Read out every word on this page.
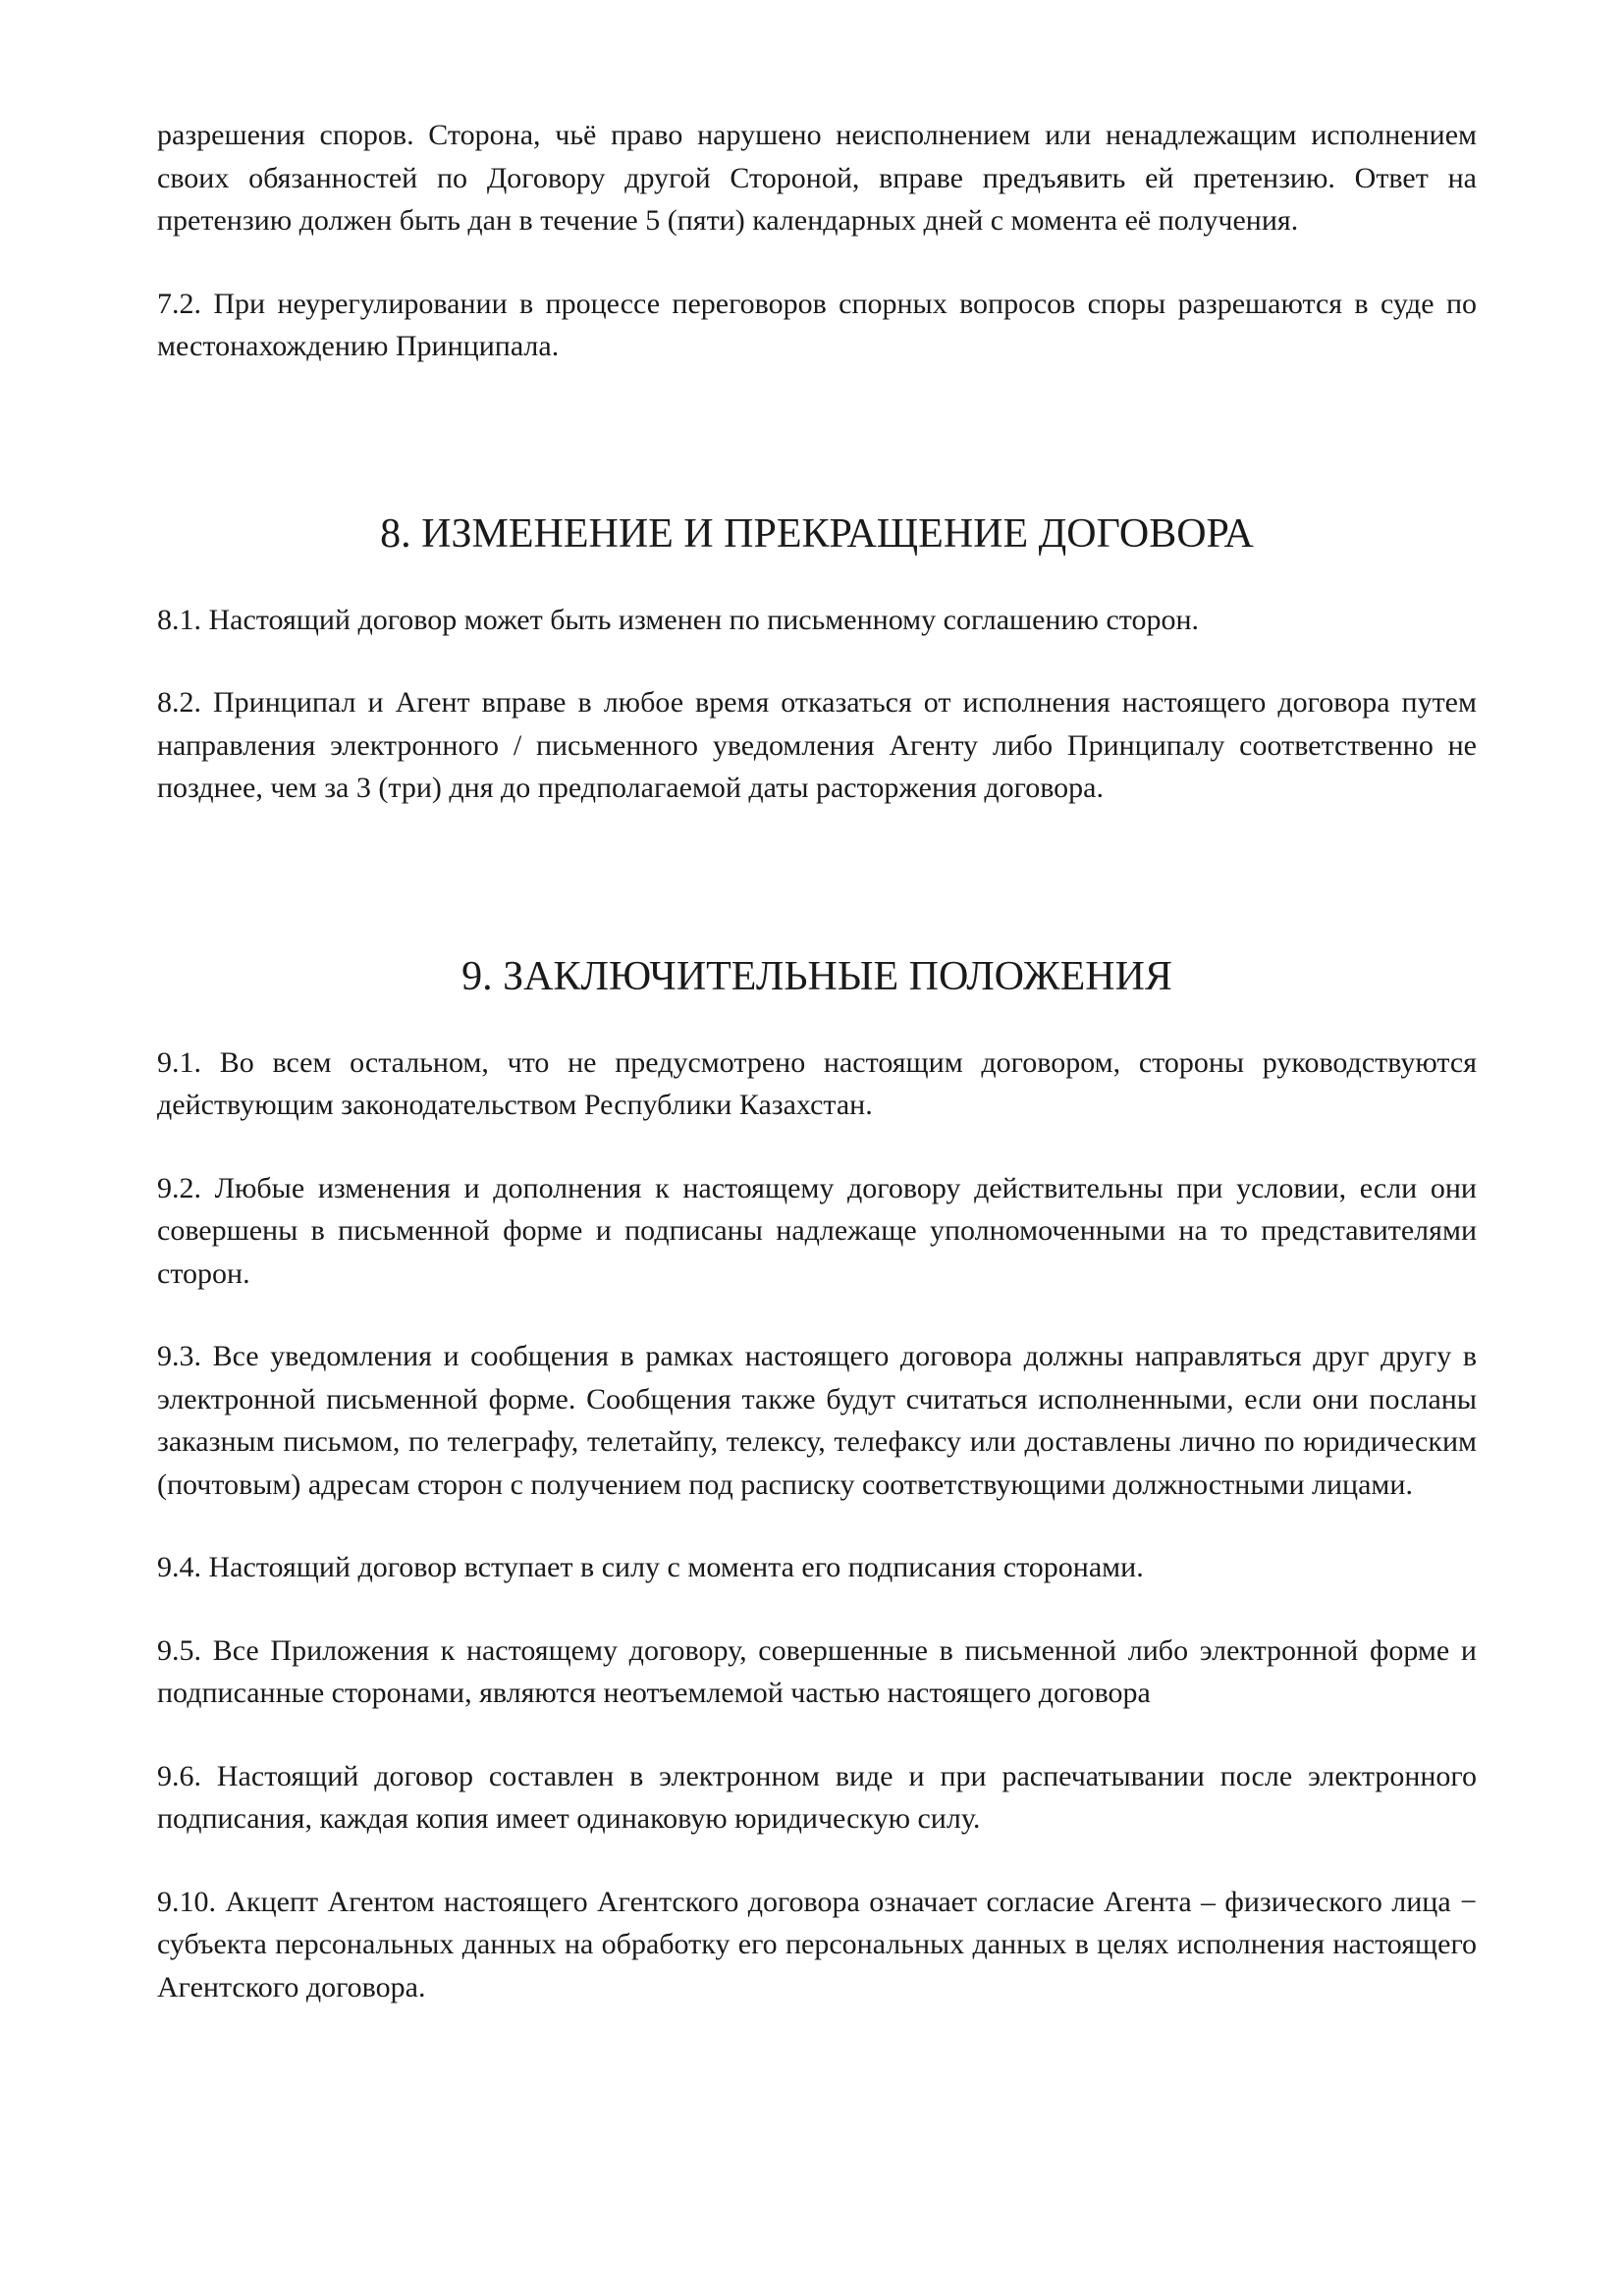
разрешения споров. Сторона, чьё право нарушено неисполнением или ненадлежащим исполнением своих обязанностей по Договору другой Стороной, вправе предъявить ей претензию. Ответ на претензию должен быть дан в течение 5 (пяти) календарных дней с момента её получения.

7.2. При неурегулировании в процессе переговоров спорных вопросов споры разрешаются в суде по местонахождению Принципала.

8. ИЗМЕНЕНИЕ И ПРЕКРАЩЕНИЕ ДОГОВОРА

8.1. Настоящий договор может быть изменен по письменному соглашению сторон.

8.2. Принципал и Агент вправе в любое время отказаться от исполнения настоящего договора путем направления электронного / письменного уведомления Агенту либо Принципалу соответственно не позднее, чем за 3 (три) дня до предполагаемой даты расторжения договора.

9. ЗАКЛЮЧИТЕЛЬНЫЕ ПОЛОЖЕНИЯ

9.1. Во всем остальном, что не предусмотрено настоящим договором, стороны руководствуются действующим законодательством Республики Казахстан.

9.2. Любые изменения и дополнения к настоящему договору действительны при условии, если они совершены в письменной форме и подписаны надлежаще уполномоченными на то представителями сторон.

9.3. Все уведомления и сообщения в рамках настоящего договора должны направляться друг другу в электронной письменной форме. Сообщения также будут считаться исполненными, если они посланы заказным письмом, по телеграфу, телетайпу, телексу, телефаксу или доставлены лично по юридическим (почтовым) адресам сторон с получением под расписку соответствующими должностными лицами.

9.4. Настоящий договор вступает в силу с момента его подписания сторонами.

9.5. Все Приложения к настоящему договору, совершенные в письменной либо электронной форме и подписанные сторонами, являются неотъемлемой частью настоящего договора

9.6. Настоящий договор составлен в электронном виде и при распечатывании после электронного подписания, каждая копия имеет одинаковую юридическую силу.

9.10. Акцепт Агентом настоящего Агентского договора означает согласие Агента – физического лица − субъекта персональных данных на обработку его персональных данных в целях исполнения настоящего Агентского договора.
